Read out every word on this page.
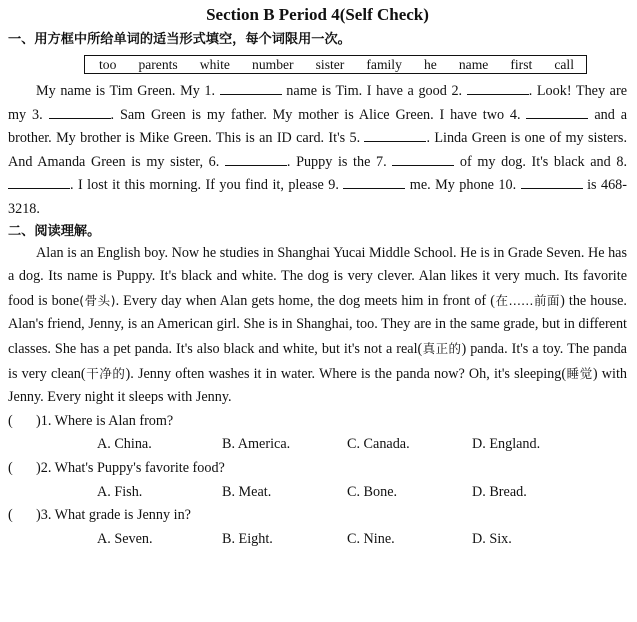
Section B Period 4(Self Check)
一、用方框中所给单词的适当形式填空，每个词限用一次。
too parents white number sister family he name first call

My name is Tim Green. My 1.	name is Tim. I have a good 2.	. Look! They are my 3.	. Sam Green is my father. My mother is Alice Green. I have two 4.	and a brother. My brother is Mike Green. This is an ID card. It's 5.	. Linda Green is one of my sisters. And Amanda Green is my sister, 6.	. Puppy is the 7.	of my dog. It's black and 8. . I lost it this morning. If you find it, please 9.	me. My phone 10.	is 468-3218.

二、阅读理解。

Alan is an English boy. Now he studies in Shanghai Yucai Middle School. He is in Grade Seven. He has a dog. Its name is Puppy. It's black and white. The dog is very clever. Alan likes it very much. Its favorite food is bone(骨头). Every day when Alan gets home, the dog meets him in front of (在……前面) the house. Alan's friend, Jenny, is an American girl. She is in Shanghai, too. They are in the same grade, but in different classes. She has a pet panda. It's also black and white, but it's not a real(真正的) panda. It's a toy. The panda is very clean(干净的). Jenny often washes it in water. Where is the panda now? Oh, it's sleeping(睡觉) with Jenny. Every night it sleeps with Jenny.

(	)1. Where is Alan from?
A. China.	B. America.	C. Canada.	D. England.
(	)2. What's Puppy's favorite food?
A. Fish.	B. Meat.	C. Bone.	D. Bread.
(	)3. What grade is Jenny in?
A. Seven.	B. Eight.	C. Nine.	D. Six.
